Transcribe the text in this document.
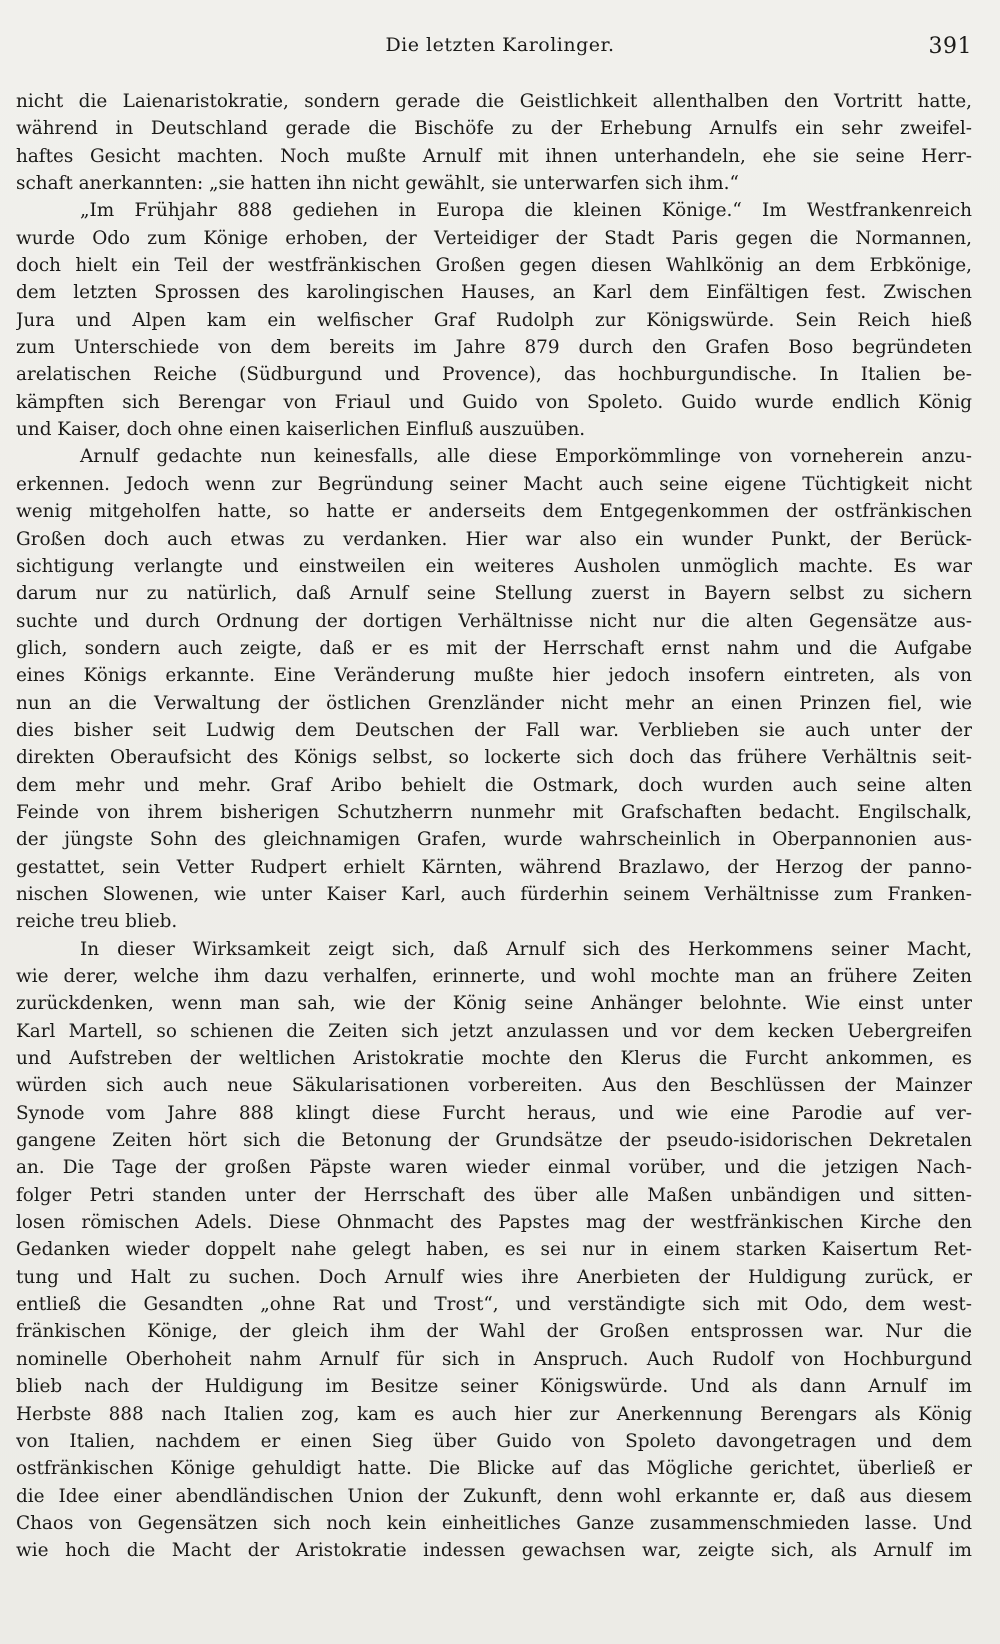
Die letzten Karolinger.	391
nicht die Laienaristokratie, sondern gerade die Geistlichkeit allenthalben den Vortritt hatte,
während in Deutschland gerade die Bischöfe zu der Erhebung Arnulfs ein sehr zweifel-
haftes Gesicht machten. Noch mußte Arnulf mit ihnen unterhandeln, ehe sie seine Herr-
schaft anerkannten: „sie hatten ihn nicht gewählt, sie unterwarfen sich ihm.“
„Im Frühjahr 888 gediehen in Europa die kleinen Könige.“ Im Westfrankenreich
wurde Odo zum Könige erhoben, der Verteidiger der Stadt Paris gegen die Normannen,
doch hielt ein Teil der westfränkischen Großen gegen diesen Wahlkönig an dem Erbkönige,
dem letzten Sprossen des karolingischen Hauses, an Karl dem Einfältigen fest. Zwischen
Jura und Alpen kam ein welfischer Graf Rudolph zur Königswürde. Sein Reich hieß
zum Unterschiede von dem bereits im Jahre 879 durch den Grafen Boso begründeten
arelatischen Reiche (Südburgund und Provence), das hochburgundische. In Italien be-
kämpften sich Berengar von Friaul und Guido von Spoleto. Guido wurde endlich König
und Kaiser, doch ohne einen kaiserlichen Einfluß auszuüben.
Arnulf gedachte nun keinesfalls, alle diese Emporkömmlinge von vorneherein anzu-
erkennen. Jedoch wenn zur Begründung seiner Macht auch seine eigene Tüchtigkeit nicht
wenig mitgeholfen hatte, so hatte er anderseits dem Entgegenkommen der ostfränkischen
Großen doch auch etwas zu verdanken. Hier war also ein wunder Punkt, der Berück-
sichtigung verlangte und einstweilen ein weiteres Ausholen unmöglich machte. Es war
darum nur zu natürlich, daß Arnulf seine Stellung zuerst in Bayern selbst zu sichern
suchte und durch Ordnung der dortigen Verhältnisse nicht nur die alten Gegensätze aus-
glich, sondern auch zeigte, daß er es mit der Herrschaft ernst nahm und die Aufgabe
eines Königs erkannte. Eine Veränderung mußte hier jedoch insofern eintreten, als von
nun an die Verwaltung der östlichen Grenzländer nicht mehr an einen Prinzen fiel, wie
dies bisher seit Ludwig dem Deutschen der Fall war. Verblieben sie auch unter der
direkten Oberaufsicht des Königs selbst, so lockerte sich doch das frühere Verhältnis seit-
dem mehr und mehr. Graf Aribo behielt die Ostmark, doch wurden auch seine alten
Feinde von ihrem bisherigen Schutzherrn nunmehr mit Grafschaften bedacht. Engilschalk,
der jüngste Sohn des gleichnamigen Grafen, wurde wahrscheinlich in Oberpannonien aus-
gestattet, sein Vetter Rudpert erhielt Kärnten, während Brazlawo, der Herzog der panno-
nischen Slowenen, wie unter Kaiser Karl, auch fürderhin seinem Verhältnisse zum Franken-
reiche treu blieb.
In dieser Wirksamkeit zeigt sich, daß Arnulf sich des Herkommens seiner Macht,
wie derer, welche ihm dazu verhalfen, erinnerte, und wohl mochte man an frühere Zeiten
zurückdenken, wenn man sah, wie der König seine Anhänger belohnte. Wie einst unter
Karl Martell, so schienen die Zeiten sich jetzt anzulassen und vor dem kecken Uebergreifen
und Aufstreben der weltlichen Aristokratie mochte den Klerus die Furcht ankommen, es
würden sich auch neue Säkularisationen vorbereiten. Aus den Beschlüssen der Mainzer
Synode vom Jahre 888 klingt diese Furcht heraus, und wie eine Parodie auf ver-
gangene Zeiten hört sich die Betonung der Grundsätze der pseudo-isidorischen Dekretalen
an. Die Tage der großen Päpste waren wieder einmal vorüber, und die jetzigen Nach-
folger Petri standen unter der Herrschaft des über alle Maßen unbändigen und sitten-
losen römischen Adels. Diese Ohnmacht des Papstes mag der westfränkischen Kirche den
Gedanken wieder doppelt nahe gelegt haben, es sei nur in einem starken Kaisertum Ret-
tung und Halt zu suchen. Doch Arnulf wies ihre Anerbieten der Huldigung zurück, er
entließ die Gesandten „ohne Rat und Trost“, und verständigte sich mit Odo, dem west-
fränkischen Könige, der gleich ihm der Wahl der Großen entsprossen war. Nur die
nominelle Oberhoheit nahm Arnulf für sich in Anspruch. Auch Rudolf von Hochburgund
blieb nach der Huldigung im Besitze seiner Königswürde. Und als dann Arnulf im
Herbste 888 nach Italien zog, kam es auch hier zur Anerkennung Berengars als König
von Italien, nachdem er einen Sieg über Guido von Spoleto davongetragen und dem
ostfränkischen Könige gehuldigt hatte. Die Blicke auf das Mögliche gerichtet, überließ er
die Idee einer abendländischen Union der Zukunft, denn wohl erkannte er, daß aus diesem
Chaos von Gegensätzen sich noch kein einheitliches Ganze zusammenschmieden lasse. Und
wie hoch die Macht der Aristokratie indessen gewachsen war, zeigte sich, als Arnulf im
